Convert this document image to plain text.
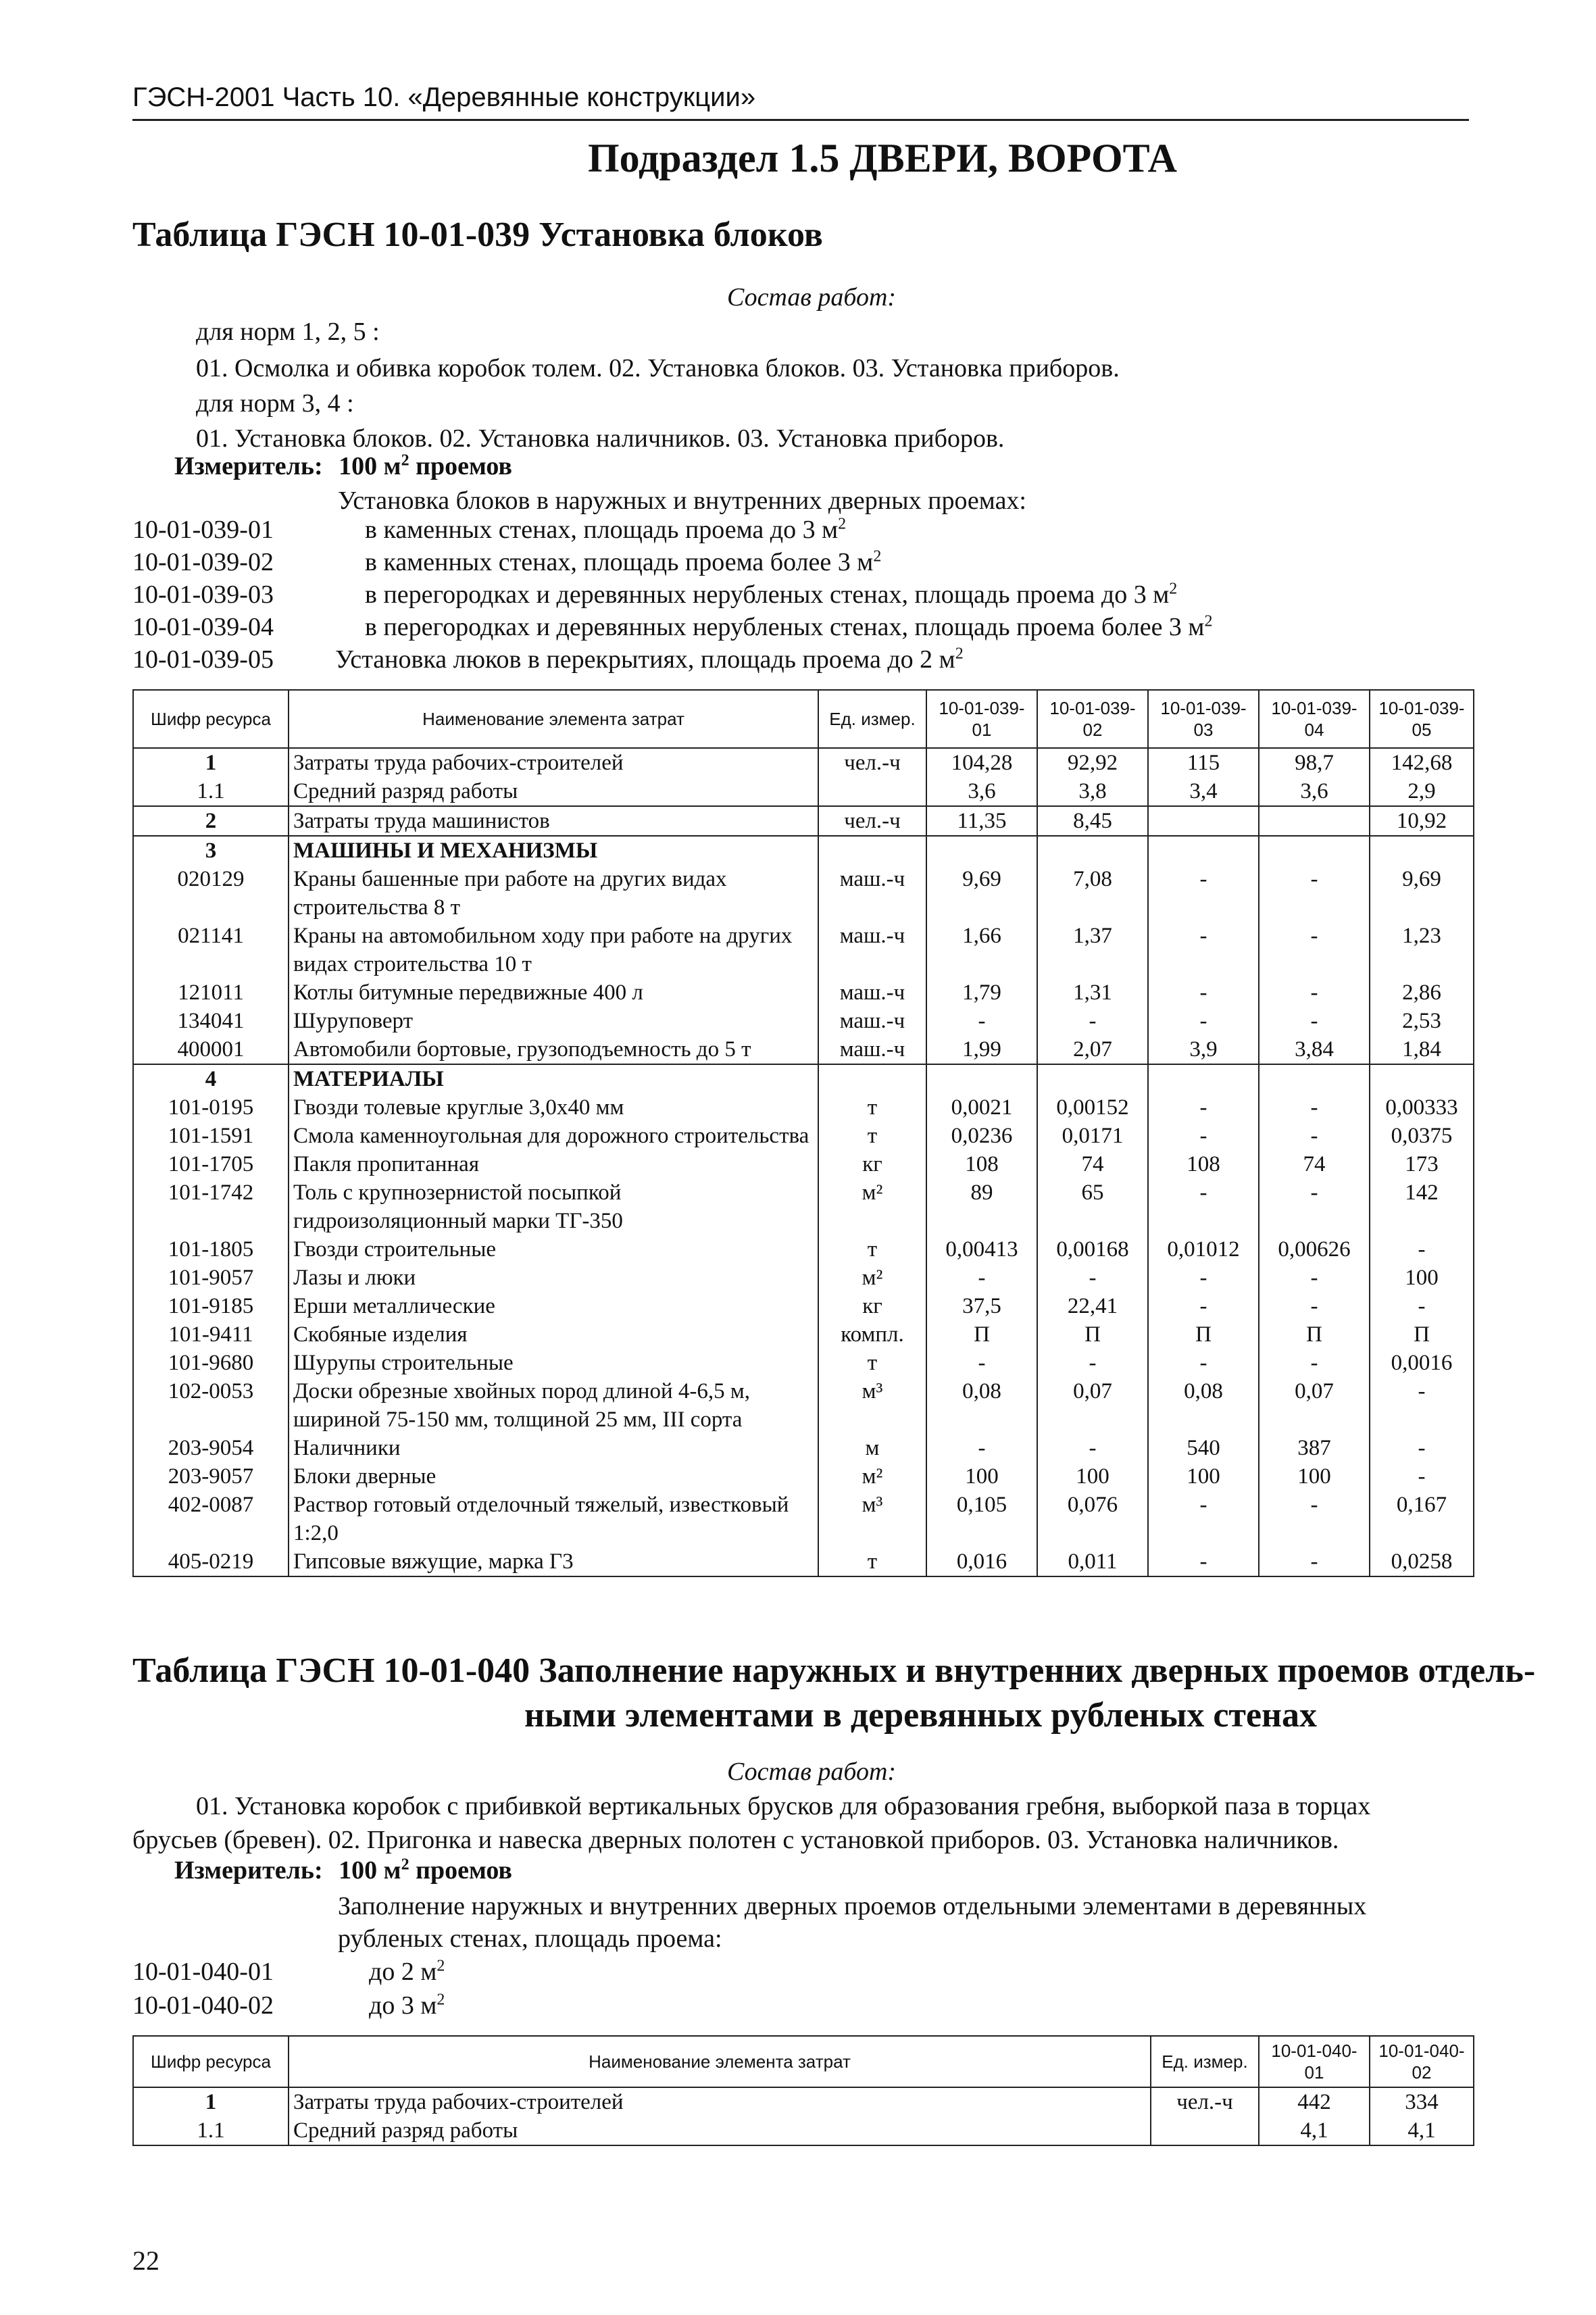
ГЭСН-2001 Часть 10. «Деревянные конструкции»
Подраздел 1.5 ДВЕРИ, ВОРОТА
Таблица ГЭСН 10-01-039 Установка блоков
Состав работ:
для норм 1, 2, 5 :
01. Осмолка и обивка коробок толем. 02. Установка блоков. 03. Установка приборов.
для норм 3, 4 :
01. Установка блоков. 02. Установка наличников. 03. Установка приборов.
Измеритель: 100 $м^2$ проемов
Установка блоков в наружных и внутренних дверных проемах:
10-01-039-01	в каменных стенах, площадь проема до 3 $м^2$
10-01-039-02	в каменных стенах, площадь проема более 3 $м^2$
10-01-039-03	в перегородках и деревянных нерубленых стенах, площадь проема до 3 $м^2$
10-01-039-04	в перегородках и деревянных нерубленых стенах, площадь проема более 3 $м^2$
10-01-039-05 Установка люков в перекрытиях, площадь проема до 2 $м^2$
Шифр ресурса	Наименование элемента затрат	Ед. измер.	10-01-039-01	10-01-039-02	10-01-039-03	10-01-039-04	10-01-039-05
1	Затраты труда рабочих-строителей	чел.-ч	104,28	92,92	115	98,7	142,68
1.1	Средний разряд работы		3,6	3,8	3,4	3,6	2,9
2	Затраты труда машинистов	чел.-ч	11,35	8,45			10,92
3	МАШИНЫ И МЕХАНИЗМЫ						
020129	Краны башенные при работе на других видах строительства 8 т	маш.-ч	9,69	7,08	-	-	9,69
021141	Краны на автомобильном ходу при работе на других видах строительства 10 т	маш.-ч	1,66	1,37	-	-	1,23
121011	Котлы битумные передвижные 400 л	маш.-ч	1,79	1,31	-	-	2,86
134041	Шуруповерт	маш.-ч	-	-	-	-	2,53
400001	Автомобили бортовые, грузоподъемность до 5 т	маш.-ч	1,99	2,07	3,9	3,84	1,84
4	МАТЕРИАЛЫ						
101-0195	Гвозди толевые круглые 3,0х40 мм	т	0,0021	0,00152	-	-	0,00333
101-1591	Смола каменноугольная для дорожного строительства	т	0,0236	0,0171	-	-	0,0375
101-1705	Пакля пропитанная	кг	108	74	108	74	173
101-1742	Толь с крупнозернистой посыпкой гидроизоляционный марки ТГ-350	м²	89	65	-	-	142
101-1805	Гвозди строительные	т	0,00413	0,00168	0,01012	0,00626	-
101-9057	Лазы и люки	м²	-	-	-	-	100
101-9185	Ерши металлические	кг	37,5	22,41	-	-	-
101-9411	Скобяные изделия	компл.	П	П	П	П	П
101-9680	Шурупы строительные	т	-	-	-	-	0,0016
102-0053	Доски обрезные хвойных пород длиной 4-6,5 м, шириной 75-150 мм, толщиной 25 мм, III сорта	м³	0,08	0,07	0,08	0,07	-
203-9054	Наличники	м	-	-	540	387	-
203-9057	Блоки дверные	м²	100	100	100	100	-
402-0087	Раствор готовый отделочный тяжелый, известковый 1:2,0	м³	0,105	0,076	-	-	0,167
405-0219	Гипсовые вяжущие, марка Г3	т	0,016	0,011	-	-	0,0258
Таблица ГЭСН 10-01-040 Заполнение наружных и внутренних дверных проемов отдель-
ными элементами в деревянных рубленых стенах
Состав работ:
01. Установка коробок с прибивкой вертикальных брусков для образования гребня, выборкой паза в торцах
брусьев (бревен). 02. Пригонка и навеска дверных полотен с установкой приборов. 03. Установка наличников.
Измеритель: 100 $м^2$ проемов
Заполнение наружных и внутренних дверных проемов отдельными элементами в деревянных
рубленых стенах, площадь проема:
10-01-040-01	до 2 $м^2$
10-01-040-02	до 3 $м^2$
Шифр ресурса	Наименование элемента затрат	Ед. измер.	10-01-040-01	10-01-040-02
1	Затраты труда рабочих-строителей	чел.-ч	442	334
1.1	Средний разряд работы		4,1	4,1
22
